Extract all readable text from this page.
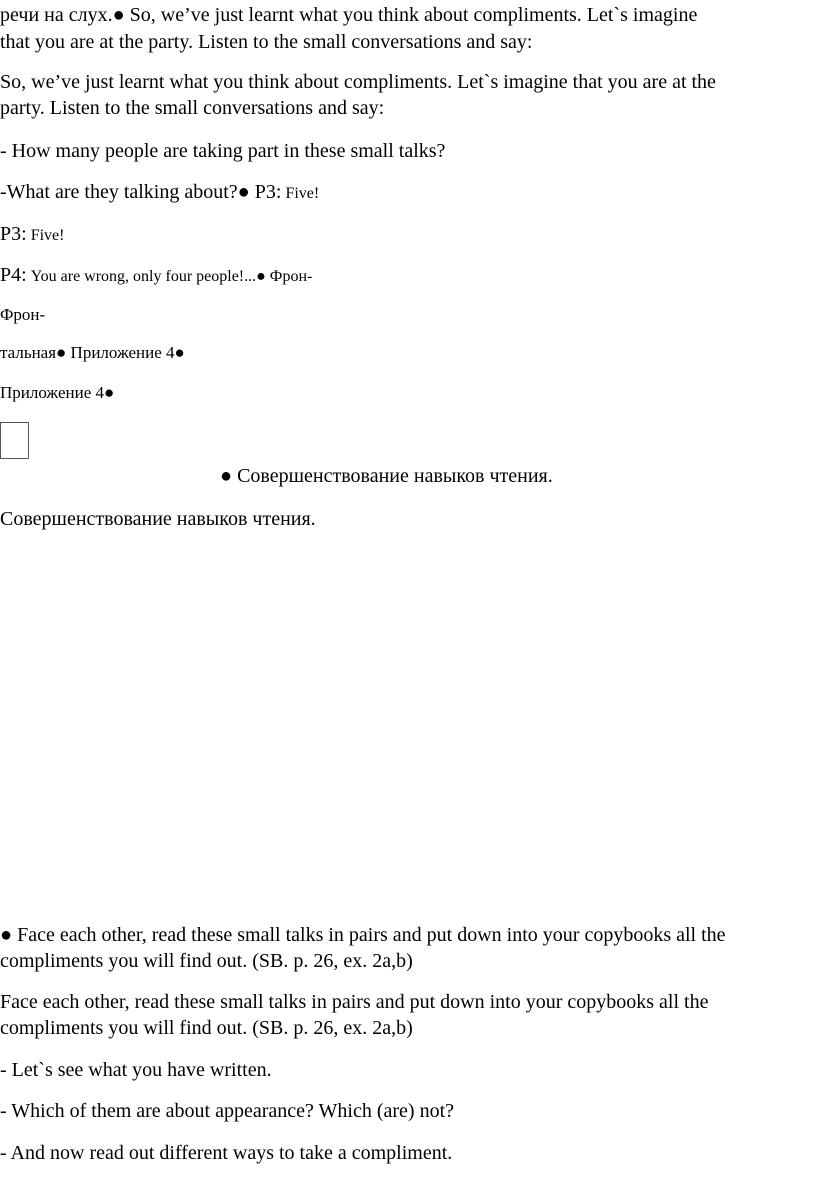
речи на слух.● So, we’ve just learnt what you think about compliments. Let`s imagine
that you are at the party. Listen to the small conversations and say:
So, we’ve just learnt what you think about compliments. Let`s imagine that you are at the
party. Listen to the small conversations and say:
- How many people are taking part in these small talks?
-What are they talking about?● Р3: Five!
Р3: Five!
Р4: You are wrong, only four people!...● Фрон-
Фрон-
тальная● Приложение 4●
Приложение 4●
● Совершенствование навыков чтения.
Совершенствование навыков чтения.
● Face each other, read these small talks in pairs and put down into your copybooks all the
compliments you will find out. (SB. p. 26, ex. 2a,b)
Face each other, read these small talks in pairs and put down into your copybooks all the
compliments you will find out. (SB. p. 26, ex. 2a,b)
- Let`s see what you have written.
- Which of them are about appearance? Which (are) not?
- And now read out different ways to take a compliment.
